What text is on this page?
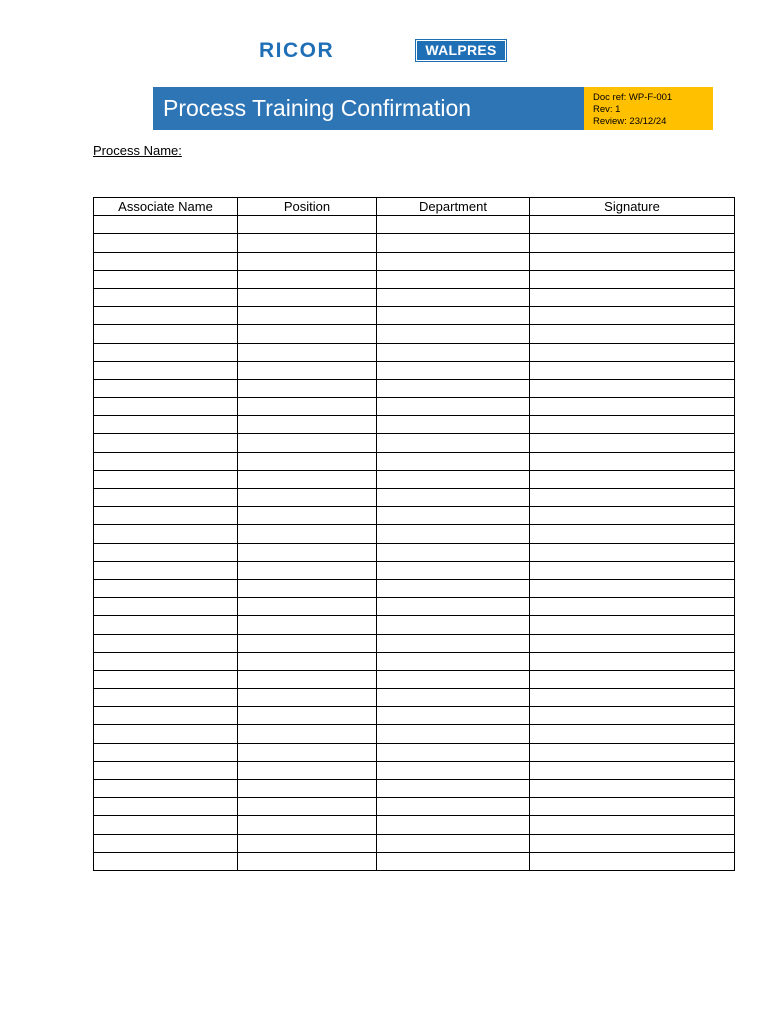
RICOR	WALPRES
Process Training Confirmation	Doc ref: WP-F-001
Rev: 1
Review: 23/12/24
Process Name:
Associate Name	Position	Department	Signature
